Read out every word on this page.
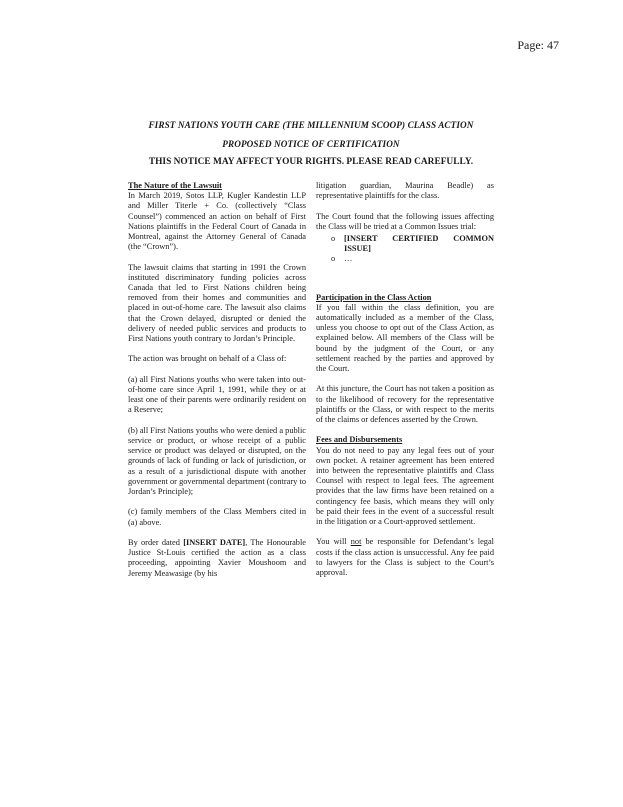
Page: 47
FIRST NATIONS YOUTH CARE (THE MILLENNIUM SCOOP) CLASS ACTION
PROPOSED NOTICE OF CERTIFICATION
THIS NOTICE MAY AFFECT YOUR RIGHTS. PLEASE READ CAREFULLY.
The Nature of the Lawsuit

In March 2019, Sotos LLP, Kugler Kandestin LLP and Miller Titerle + Co. (collectively “Class Counsel”) commenced an action on behalf of First Nations plaintiffs in the Federal Court of Canada in Montreal, against the Attorney General of Canada (the “Crown”).

The lawsuit claims that starting in 1991 the Crown instituted discriminatory funding policies across Canada that led to First Nations children being removed from their homes and communities and placed in out-of-home care. The lawsuit also claims that the Crown delayed, disrupted or denied the delivery of needed public services and products to First Nations youth contrary to Jordan’s Principle.

The action was brought on behalf of a Class of:

(a) all First Nations youths who were taken into out-of-home care since April 1, 1991, while they or at least one of their parents were ordinarily resident on a Reserve;

(b) all First Nations youths who were denied a public service or product, or whose receipt of a public service or product was delayed or disrupted, on the grounds of lack of funding or lack of jurisdiction, or as a result of a jurisdictional dispute with another government or governmental department (contrary to Jordan’s Principle);

(c) family members of the Class Members cited in (a) above.

By order dated [INSERT DATE], The Honourable Justice St-Louis certified the action as a class proceeding, appointing Xavier Moushoom and Jeremy Meawasige (by his

litigation guardian, Maurina Beadle) as representative plaintiffs for the class.

The Court found that the following issues affecting the Class will be tried at a Common Issues trial:

o [INSERT CERTIFIED COMMON ISSUE]
o …
Participation in the Class Action

If you fall within the class definition, you are automatically included as a member of the Class, unless you choose to opt out of the Class Action, as explained below. All members of the Class will be bound by the judgment of the Court, or any settlement reached by the parties and approved by the Court.

At this juncture, the Court has not taken a position as to the likelihood of recovery for the representative plaintiffs or the Class, or with respect to the merits of the claims or defences asserted by the Crown.

Fees and Disbursements

You do not need to pay any legal fees out of your own pocket. A retainer agreement has been entered into between the representative plaintiffs and Class Counsel with respect to legal fees. The agreement provides that the law firms have been retained on a contingency fee basis, which means they will only be paid their fees in the event of a successful result in the litigation or a Court-approved settlement.

You will not be responsible for Defendant’s legal costs if the class action is unsuccessful. Any fee paid to lawyers for the Class is subject to the Court’s approval.
